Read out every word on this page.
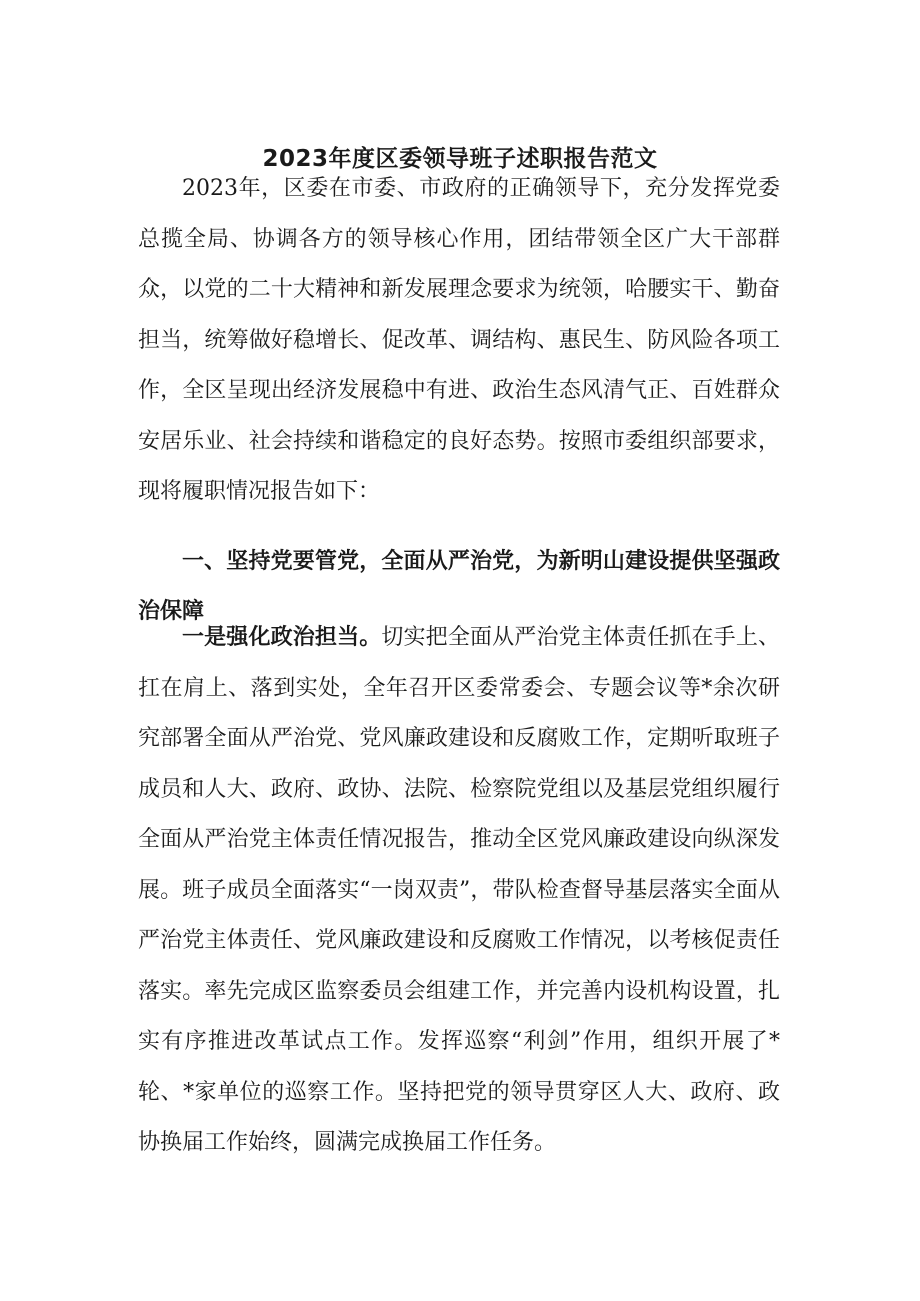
2023年度区委领导班子述职报告范文

2023年，区委在市委、市政府的正确领导下，充分发挥党委总揽全局、协调各方的领导核心作用，团结带领全区广大干部群众，以党的二十大精神和新发展理念要求为统领，哈腰实干、勤奋担当，统筹做好稳增长、促改革、调结构、惠民生、防风险各项工作，全区呈现出经济发展稳中有进、政治生态风清气正、百姓群众安居乐业、社会持续和谐稳定的良好态势。按照市委组织部要求，现将履职情况报告如下：

一、坚持党要管党，全面从严治党，为新明山建设提供坚强政治保障

一是强化政治担当。切实把全面从严治党主体责任抓在手上、扛在肩上、落到实处，全年召开区委常委会、专题会议等*余次研究部署全面从严治党、党风廉政建设和反腐败工作，定期听取班子成员和人大、政府、政协、法院、检察院党组以及基层党组织履行全面从严治党主体责任情况报告，推动全区党风廉政建设向纵深发展。班子成员全面落实“一岗双责”，带队检查督导基层落实全面从严治党主体责任、党风廉政建设和反腐败工作情况，以考核促责任落实。率先完成区监察委员会组建工作，并完善内设机构设置，扎实有序推进改革试点工作。发挥巡察“利剑”作用，组织开展了*轮、*家单位的巡察工作。坚持把党的领导贯穿区人大、政府、政协换届工作始终，圆满完成换届工作任务。
